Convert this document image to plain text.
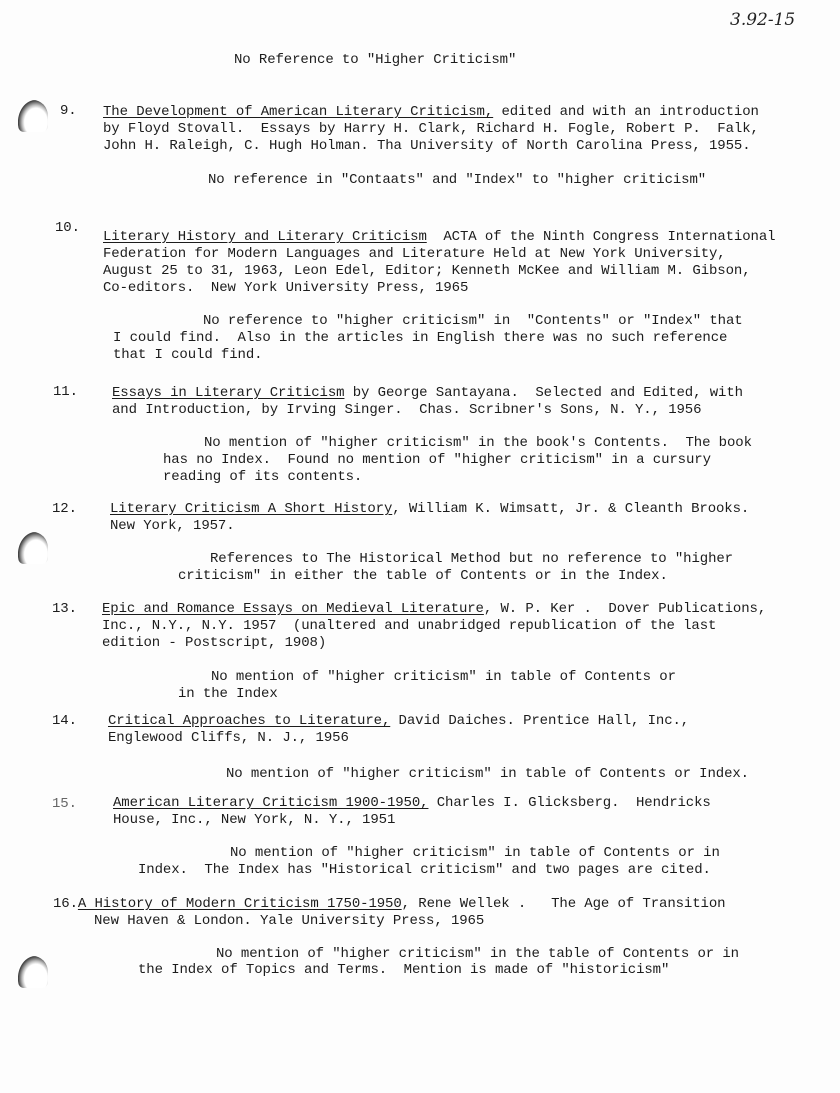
3.92-15
No Reference to "Higher Criticism"
9. The Development of American Literary Criticism, edited and with an introduction
by Floyd Stovall.  Essays by Harry H. Clark, Richard H. Fogle, Robert P.  Falk,
John H. Raleigh, C. Hugh Holman. Tha University of North Carolina Press, 1955.
No reference in "Contaats" and "Index" to "higher criticism"
10.
Literary History and Literary Criticism  ACTA of the Ninth Congress International
Federation for Modern Languages and Literature Held at New York University,
August 25 to 31, 1963, Leon Edel, Editor; Kenneth McKee and William M. Gibson,
Co-editors.  New York University Press, 1965
No reference to "higher criticism" in  "Contents" or "Index" that
I could find.  Also in the articles in English there was no such reference
that I could find.
11. Essays in Literary Criticism by George Santayana.  Selected and Edited, with
and Introduction, by Irving Singer.  Chas. Scribner's Sons, N. Y., 1956
No mention of "higher criticism" in the book's Contents.  The book
has no Index.  Found no mention of "higher criticism" in a cursury
reading of its contents.
12. Literary Criticism A Short History, William K. Wimsatt, Jr. & Cleanth Brooks.
New York, 1957.
References to The Historical Method but no reference to "higher
criticism" in either the table of Contents or in the Index.
13. Epic and Romance Essays on Medieval Literature, W. P. Ker .  Dover Publications,
Inc., N.Y., N.Y. 1957  (unaltered and unabridged republication of the last
edition - Postscript, 1908)
No mention of "higher criticism" in table of Contents or
in the Index
14. Critical Approaches to Literature, David Daiches. Prentice Hall, Inc.,
Englewood Cliffs, N. J., 1956
No mention of "higher criticism" in table of Contents or Index.
15.	American Literary Criticism 1900-1950, Charles I. Glicksberg.  Hendricks
House, Inc., New York, N. Y., 1951
No mention of "higher criticism" in table of Contents or in
Index.  The Index has "Historical criticism" and two pages are cited.
16.A History of Modern Criticism 1750-1950, Rene Wellek .   The Age of Transition
New Haven & London. Yale University Press, 1965
No mention of "higher criticism" in the table of Contents or in
the Index of Topics and Terms.  Mention is made of "historicism"
